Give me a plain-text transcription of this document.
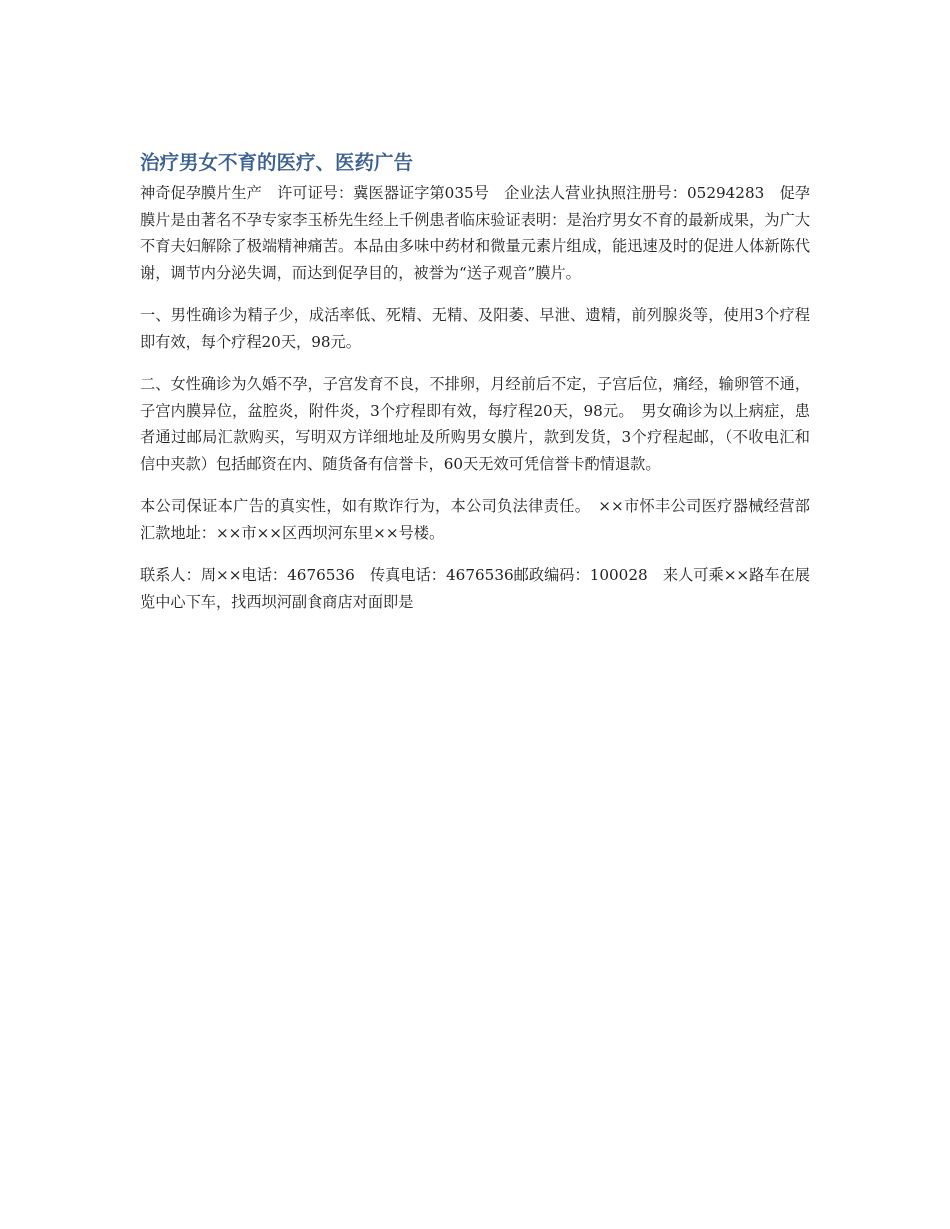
治疗男女不育的医疗、医药广告

神奇促孕膜片生产　许可证号：冀医器证字第035号　企业法人营业执照注册号：05294283　促孕膜片是由著名不孕专家李玉桥先生经上千例患者临床验证表明：是治疗男女不育的最新成果，为广大不育夫妇解除了极端精神痛苦。本品由多味中药材和微量元素片组成，能迅速及时的促进人体新陈代谢，调节内分泌失调，而达到促孕目的，被誉为“送子观音”膜片。

一、男性确诊为精子少，成活率低、死精、无精、及阳萎、早泄、遗精，前列腺炎等，使用3个疗程即有效，每个疗程20天，98元。

二、女性确诊为久婚不孕，子宫发育不良，不排卵，月经前后不定，子宫后位，痛经，输卵管不通，子宫内膜异位，盆腔炎，附件炎，3个疗程即有效，每疗程20天，98元。　男女确诊为以上病症，患者通过邮局汇款购买，写明双方详细地址及所购男女膜片，款到发货，3个疗程起邮，（不收电汇和信中夹款）包括邮资在内、随货备有信誉卡，60天无效可凭信誉卡酌情退款。

本公司保证本广告的真实性，如有欺诈行为，本公司负法律责任。　××市怀丰公司医疗器械经营部　汇款地址：××市××区西坝河东里××号楼。

联系人：周××电话：4676536　传真电话：4676536邮政编码：100028　来人可乘××路车在展览中心下车，找西坝河副食商店对面即是
